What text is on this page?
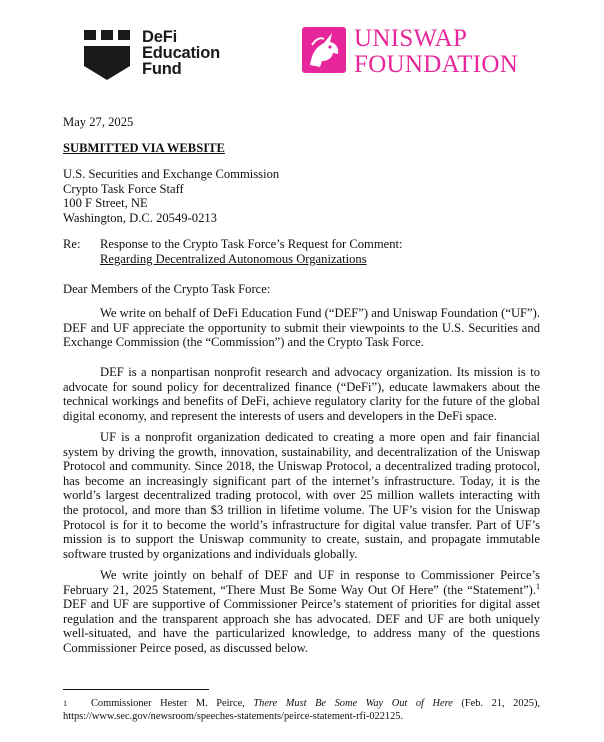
DeFi
Education
Fund
UNISWAP
FOUNDATION
May 27, 2025
SUBMITTED VIA WEBSITE
U.S. Securities and Exchange Commission
Crypto Task Force Staff
100 F Street, NE
Washington, D.C. 20549-0213
Re: Response to the Crypto Task Force’s Request for Comment:
Regarding Decentralized Autonomous Organizations
Dear Members of the Crypto Task Force:

We write on behalf of DeFi Education Fund (“DEF”) and Uniswap Foundation (“UF”). DEF and UF appreciate the opportunity to submit their viewpoints to the U.S. Securities and Exchange Commission (the “Commission”) and the Crypto Task Force.

DEF is a nonpartisan nonprofit research and advocacy organization. Its mission is to advocate for sound policy for decentralized finance (“DeFi”), educate lawmakers about the technical workings and benefits of DeFi, achieve regulatory clarity for the future of the global digital economy, and represent the interests of users and developers in the DeFi space.

UF is a nonprofit organization dedicated to creating a more open and fair financial system by driving the growth, innovation, sustainability, and decentralization of the Uniswap Protocol and community. Since 2018, the Uniswap Protocol, a decentralized trading protocol, has become an increasingly significant part of the internet’s infrastructure. Today, it is the world’s largest decentralized trading protocol, with over 25 million wallets interacting with the protocol, and more than $3 trillion in lifetime volume. The UF’s vision for the Uniswap Protocol is for it to become the world’s infrastructure for digital value transfer. Part of UF’s mission is to support the Uniswap community to create, sustain, and propagate immutable software trusted by organizations and individuals globally.

We write jointly on behalf of DEF and UF in response to Commissioner Peirce’s February 21, 2025 Statement, “There Must Be Some Way Out Of Here” (the “Statement”).$^1$ DEF and UF are supportive of Commissioner Peirce’s statement of priorities for digital asset regulation and the transparent approach she has advocated. DEF and UF are both uniquely well-situated, and have the particularized knowledge, to address many of the questions Commissioner Peirce posed, as discussed below.

1 Commissioner Hester M. Peirce, There Must Be Some Way Out of Here (Feb. 21, 2025), https://www.sec.gov/newsroom/speeches-statements/peirce-statement-rfi-022125.
